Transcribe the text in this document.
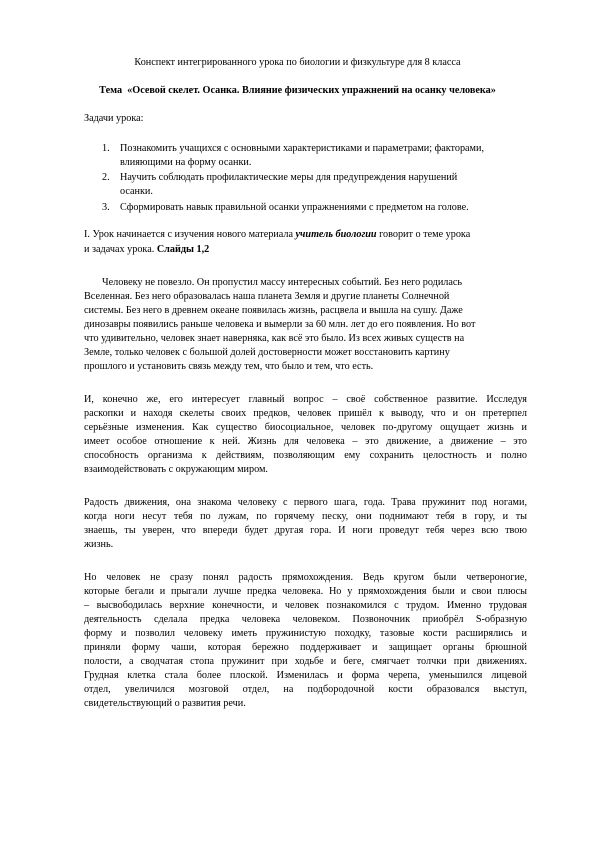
Конспект интегрированного урока по биологии и физкультуре для 8 класса

Тема «Осевой скелет. Осанка. Влияние физических упражнений на осанку человека»

Задачи урока:

1. Познакомить учащихся с основными характеристиками и параметрами; факторами,

влияющими на форму осанки.

2. Научить соблюдать профилактические меры для предупреждения нарушений

осанки.

3. Сформировать навык правильной осанки упражнениями с предметом на голове.

I. Урок начинается с изучения нового материала учитель биологии говорит о теме урока

и задачах урока. Слайды 1,2

Человеку не повезло. Он пропустил массу интересных событий. Без него родилась

Вселенная. Без него образовалась наша планета Земля и другие планеты Солнечной

системы. Без него в древнем океане появилась жизнь, расцвела и вышла на сушу. Даже

динозавры появились раньше человека и вымерли за 60 млн. лет до его появления. Но вот

что удивительно, человек знает наверняка, как всё это было. Из всех живых существ на

Земле, только человек с большой долей достоверности может восстановить картину

прошлого и установить связь между тем, что было и тем, что есть.

И, конечно же, его интересует главный вопрос – своё собственное развитие. Исследуя

раскопки и находя скелеты своих предков, человек пришёл к выводу, что и он претерпел

серьёзные изменения. Как существо биосоциальное, человек по-другому ощущает жизнь и

имеет особое отношение к ней. Жизнь для человека – это движение, а движение – это

способность организма к действиям, позволяющим ему сохранить целостность и полно

взаимодействовать с окружающим миром.

Радость движения, она знакома человеку с первого шага, года. Трава пружинит под ногами,

когда ноги несут тебя по лужам, по горячему песку, они поднимают тебя в гору, и ты

знаешь, ты уверен, что впереди будет другая гора. И ноги проведут тебя через всю твою

жизнь.

Но человек не сразу понял радость прямохождения. Ведь кругом были четвероногие,

которые бегали и прыгали лучше предка человека. Но у прямохождения были и свои плюсы

– высвободилась верхние конечности, и человек познакомился с трудом. Именно трудовая

деятельность сделала предка человека человеком. Позвоночник приобрёл S-образную

форму и позволил человеку иметь пружинистую походку, тазовые кости расширялись и

приняли форму чаши, которая бережно поддерживает и защищает органы брюшной

полости, а сводчатая стопа пружинит при ходьбе и беге, смягчает толчки при движениях.

Грудная клетка стала более плоской. Изменилась и форма черепа, уменьшился лицевой

отдел, увеличился мозговой отдел, на подбородочной кости образовался выступ,

свидетельствующий о развития речи.
